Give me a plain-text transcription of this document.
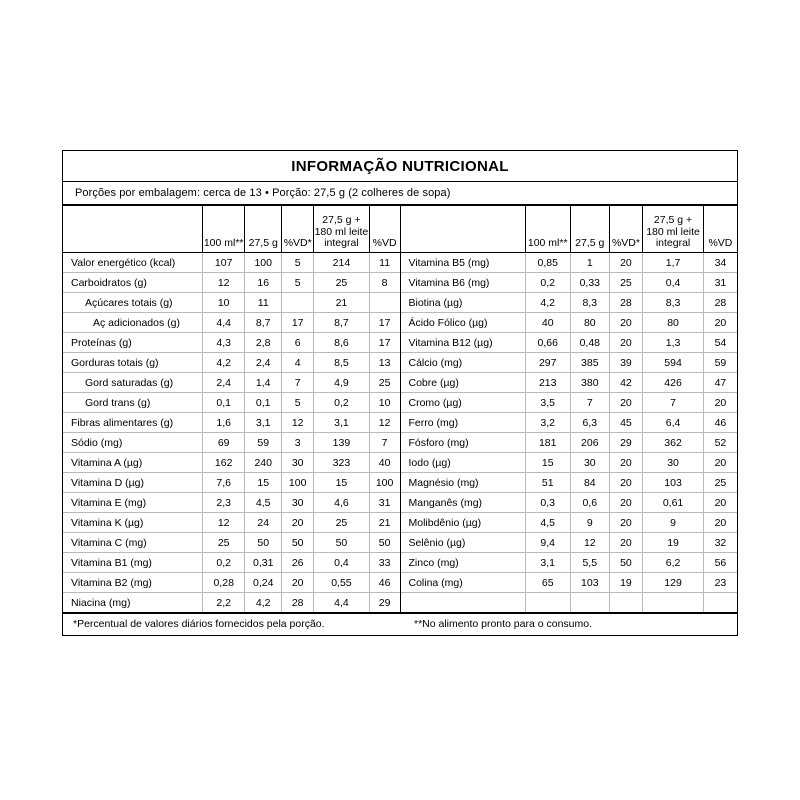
INFORMAÇÃO NUTRICIONAL
Porções por embalagem: cerca de 13 • Porção: 27,5 g (2 colheres de sopa)
	100 ml**	27,5 g	%VD*	27,5 g +
180 ml leite
integral	%VD
Valor energético (kcal)	107	100	5	214	11
Carboidratos (g)	12	16	5	25	8
Açúcares totais (g)	10	11		21	
Aç adicionados (g)	4,4	8,7	17	8,7	17
Proteínas (g)	4,3	2,8	6	8,6	17
Gorduras totais (g)	4,2	2,4	4	8,5	13
Gord saturadas (g)	2,4	1,4	7	4,9	25
Gord trans (g)	0,1	0,1	5	0,2	10
Fibras alimentares (g)	1,6	3,1	12	3,1	12
Sódio (mg)	69	59	3	139	7
Vitamina A (µg)	162	240	30	323	40
Vitamina D (µg)	7,6	15	100	15	100
Vitamina E (mg)	2,3	4,5	30	4,6	31
Vitamina K (µg)	12	24	20	25	21
Vitamina C (mg)	25	50	50	50	50
Vitamina B1 (mg)	0,2	0,31	26	0,4	33
Vitamina B2 (mg)	0,28	0,24	20	0,55	46
Niacina (mg)	2,2	4,2	28	4,4	29
	100 ml**	27,5 g	%VD*	27,5 g +
180 ml leite
integral	%VD
Vitamina B5 (mg)	0,85	1	20	1,7	34
Vitamina B6 (mg)	0,2	0,33	25	0,4	31
Biotina (µg)	4,2	8,3	28	8,3	28
Ácido Fólico (µg)	40	80	20	80	20
Vitamina B12 (µg)	0,66	0,48	20	1,3	54
Cálcio (mg)	297	385	39	594	59
Cobre (µg)	213	380	42	426	47
Cromo (µg)	3,5	7	20	7	20
Ferro (mg)	3,2	6,3	45	6,4	46
Fósforo (mg)	181	206	29	362	52
Iodo (µg)	15	30	20	30	20
Magnésio (mg)	51	84	20	103	25
Manganês (mg)	0,3	0,6	20	0,61	20
Molibdênio (µg)	4,5	9	20	9	20
Selênio (µg)	9,4	12	20	19	32
Zinco (mg)	3,1	5,5	50	6,2	56
Colina (mg)	65	103	19	129	23

*Percentual de valores diários fornecidos pela porção.	**No alimento pronto para o consumo.
